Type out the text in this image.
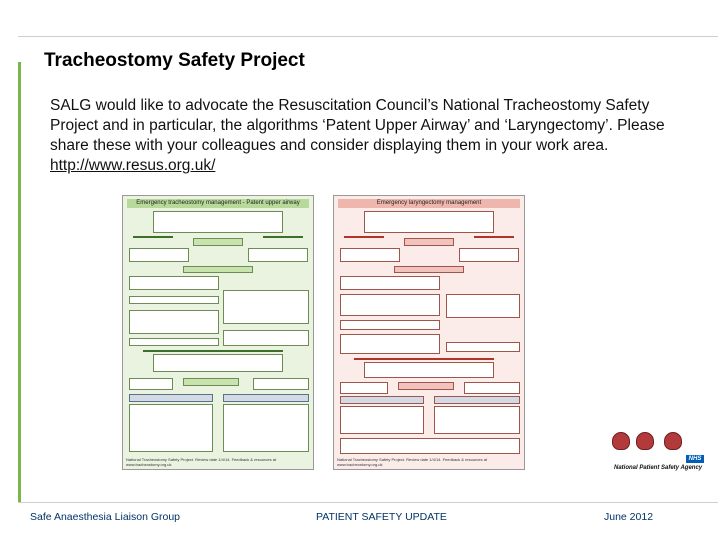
Tracheostomy Safety Project

SALG would like to advocate the Resuscitation Council’s National Tracheostomy Safety Project and in particular, the algorithms ‘Patent Upper Airway’ and ‘Laryngectomy’. Please share these with your colleagues and consider displaying them in your work area. http://www.resus.org.uk/

Emergency tracheostomy management - Patent upper airway
National Tracheostomy Safety Project. Review date 1/4/14. Feedback & resources at www.tracheostomy.org.uk
Emergency laryngectomy management
National Tracheostomy Safety Project. Review date 1/4/14. Feedback & resources at www.tracheostomy.org.uk
NHS
National Patient Safety Agency
Safe Anaesthesia Liaison Group	PATIENT SAFETY UPDATE	June 2012
